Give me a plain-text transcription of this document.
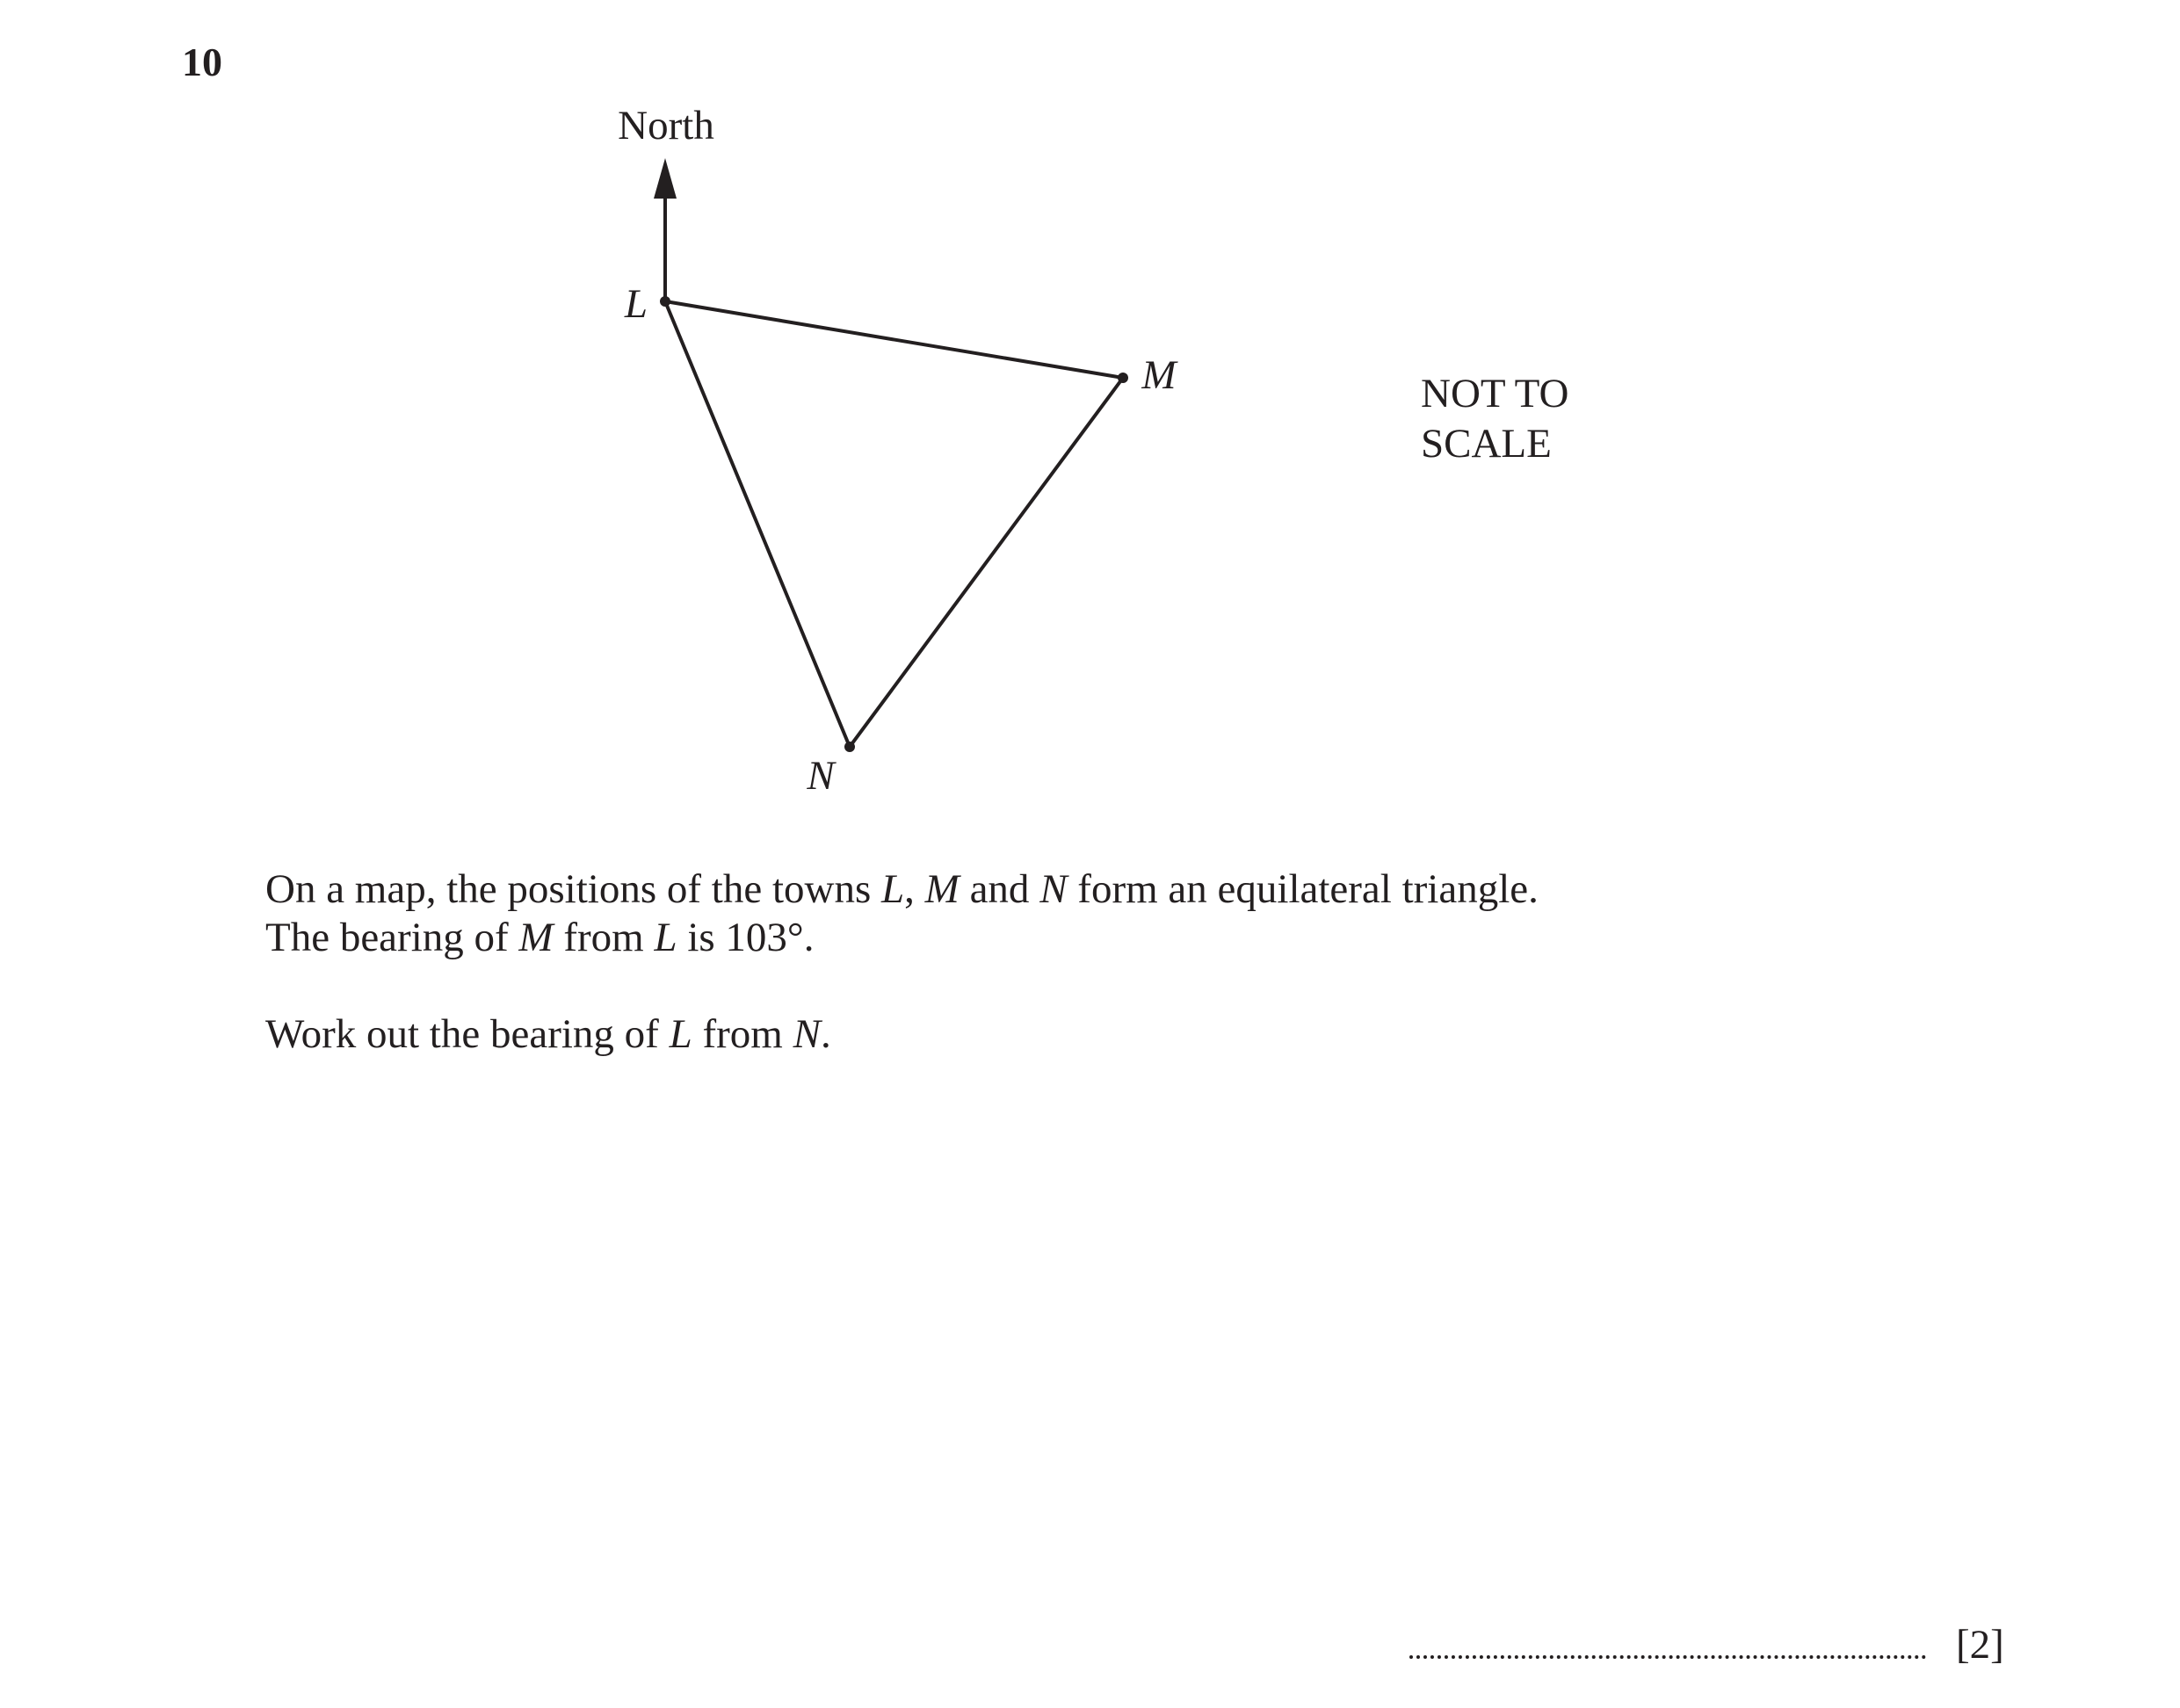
10
North
L
M
N
NOT TO
SCALE

On a map, the positions of the towns L, M and N form an equilateral triangle.

The bearing of M from L is 103°.

Work out the bearing of L from N.

[2]
